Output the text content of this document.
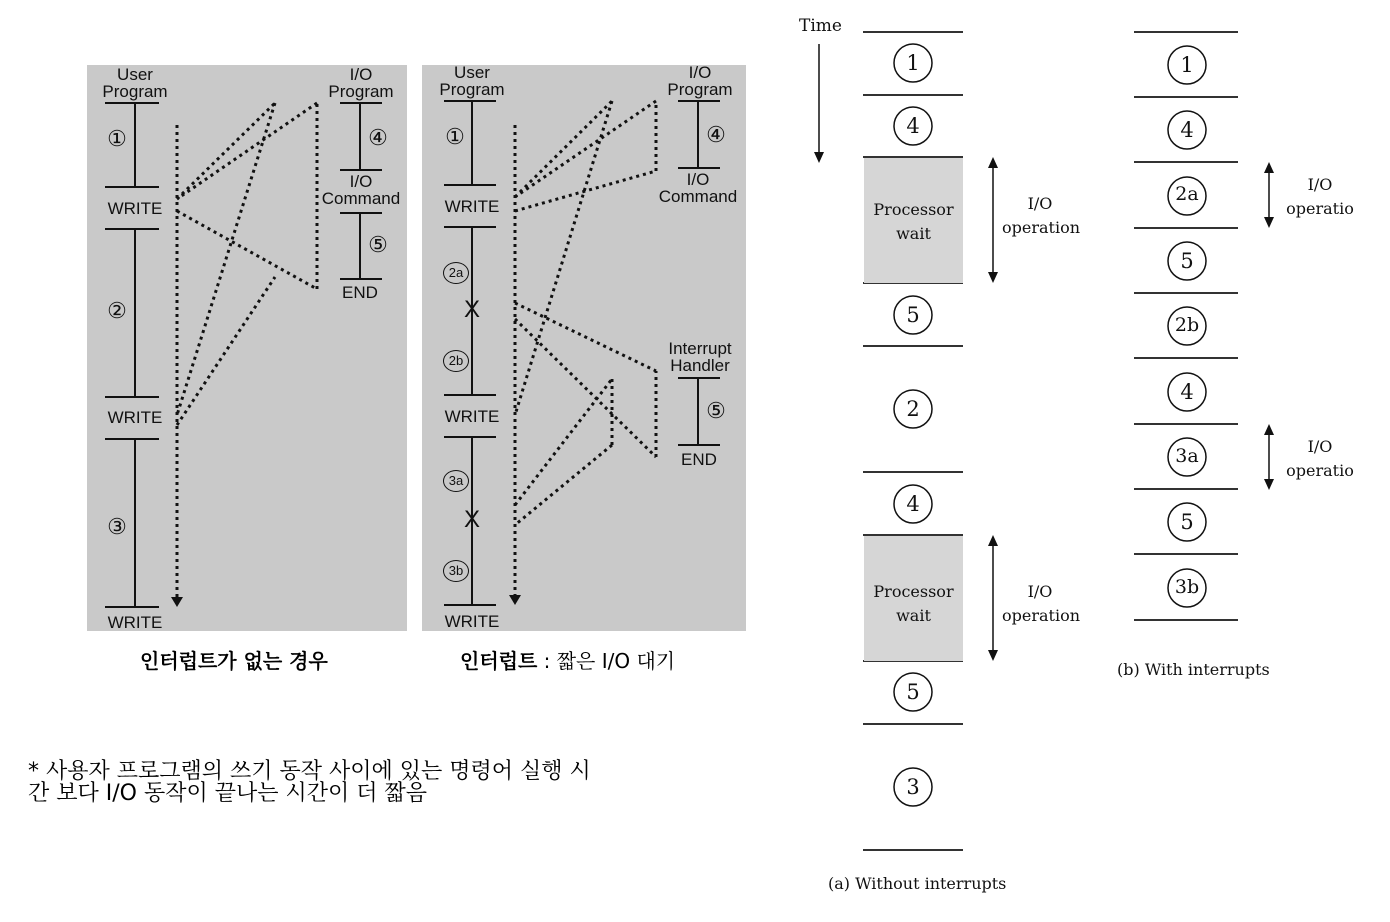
User
Program
I/O
Program
I/O
Command
END
WRITE
WRITE
WRITE
①
②
③
④
⑤
인터럽트가 없는 경우
User
Program
I/O
Program
I/O
Command
Interrupt
Handler
END
WRITE
WRITE
WRITE
①
2a
2b
3a
3b
④
⑤
X
X
인터럽트 : 짧은 I/O 대기
* 사용자 프로그램의 쓰기 동작 사이에 있는 명령어 실행 시
간 보다 I/O 동작이 끝나는 시간이 더 짧음
Time
1
4
5
2
4
5
3
Processor
wait
Processor
wait
I/O
operation
I/O
operation
(a) Without interrupts
1
4
2a
5
2b
4
3a
5
3b
I/O
operatio
I/O
operatio
(b) With interrupts
